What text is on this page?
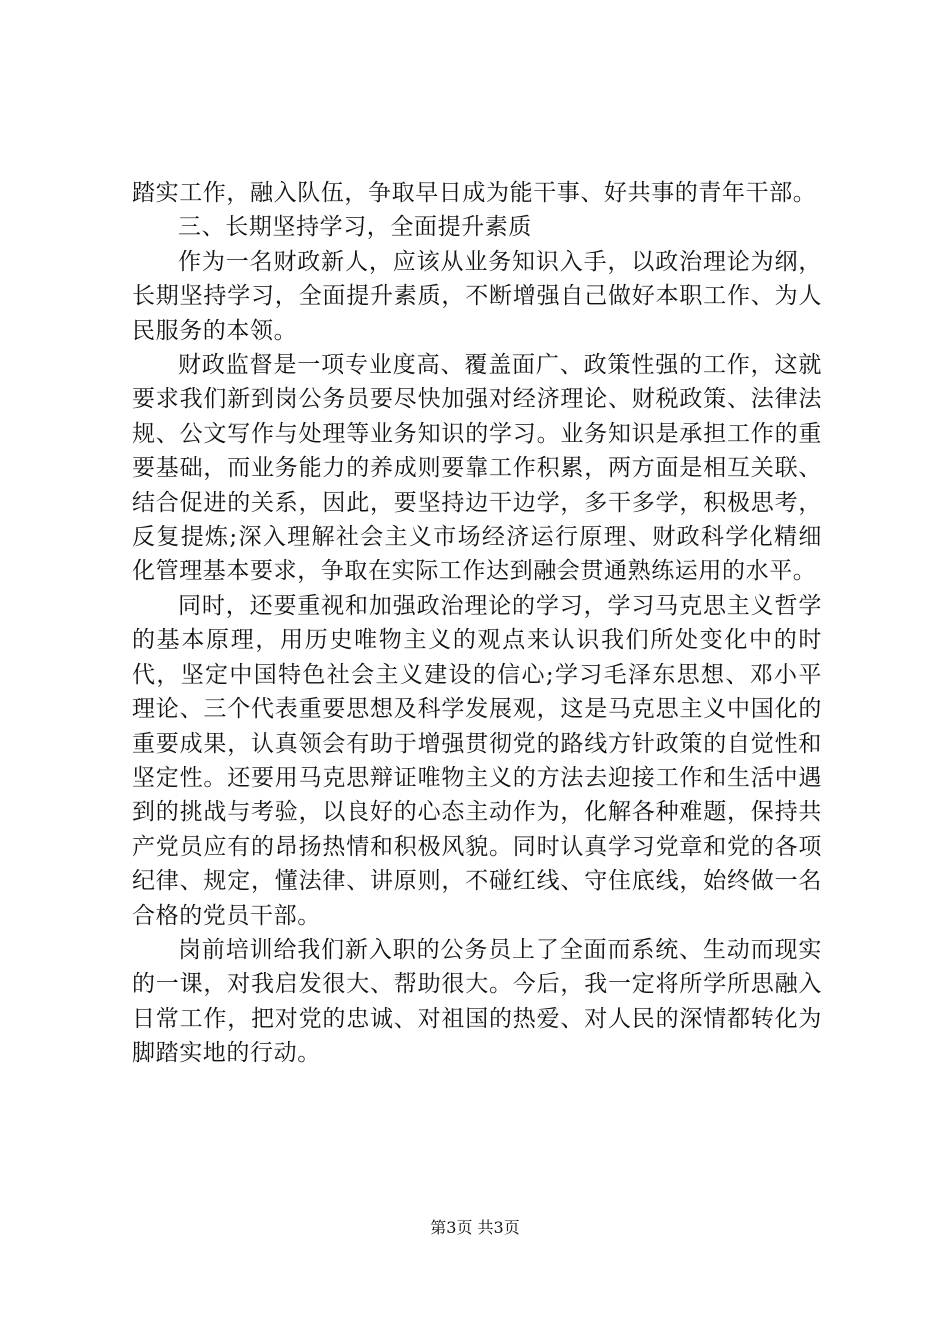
踏实工作，融入队伍，争取早日成为能干事、好共事的青年干部。

三、长期坚持学习，全面提升素质

作为一名财政新人，应该从业务知识入手，以政治理论为纲，长期坚持学习，全面提升素质，不断增强自己做好本职工作、为人民服务的本领。

财政监督是一项专业度高、覆盖面广、政策性强的工作，这就要求我们新到岗公务员要尽快加强对经济理论、财税政策、法律法规、公文写作与处理等业务知识的学习。业务知识是承担工作的重要基础，而业务能力的养成则要靠工作积累，两方面是相互关联、结合促进的关系，因此，要坚持边干边学，多干多学，积极思考，反复提炼;深入理解社会主义市场经济运行原理、财政科学化精细化管理基本要求，争取在实际工作达到融会贯通熟练运用的水平。

同时，还要重视和加强政治理论的学习，学习马克思主义哲学的基本原理，用历史唯物主义的观点来认识我们所处变化中的时代，坚定中国特色社会主义建设的信心;学习毛泽东思想、邓小平理论、三个代表重要思想及科学发展观，这是马克思主义中国化的重要成果，认真领会有助于增强贯彻党的路线方针政策的自觉性和坚定性。还要用马克思辩证唯物主义的方法去迎接工作和生活中遇到的挑战与考验，以良好的心态主动作为，化解各种难题，保持共产党员应有的昂扬热情和积极风貌。同时认真学习党章和党的各项纪律、规定，懂法律、讲原则，不碰红线、守住底线，始终做一名合格的党员干部。

岗前培训给我们新入职的公务员上了全面而系统、生动而现实的一课，对我启发很大、帮助很大。今后，我一定将所学所思融入日常工作，把对党的忠诚、对祖国的热爱、对人民的深情都转化为脚踏实地的行动。

第3页 共3页
